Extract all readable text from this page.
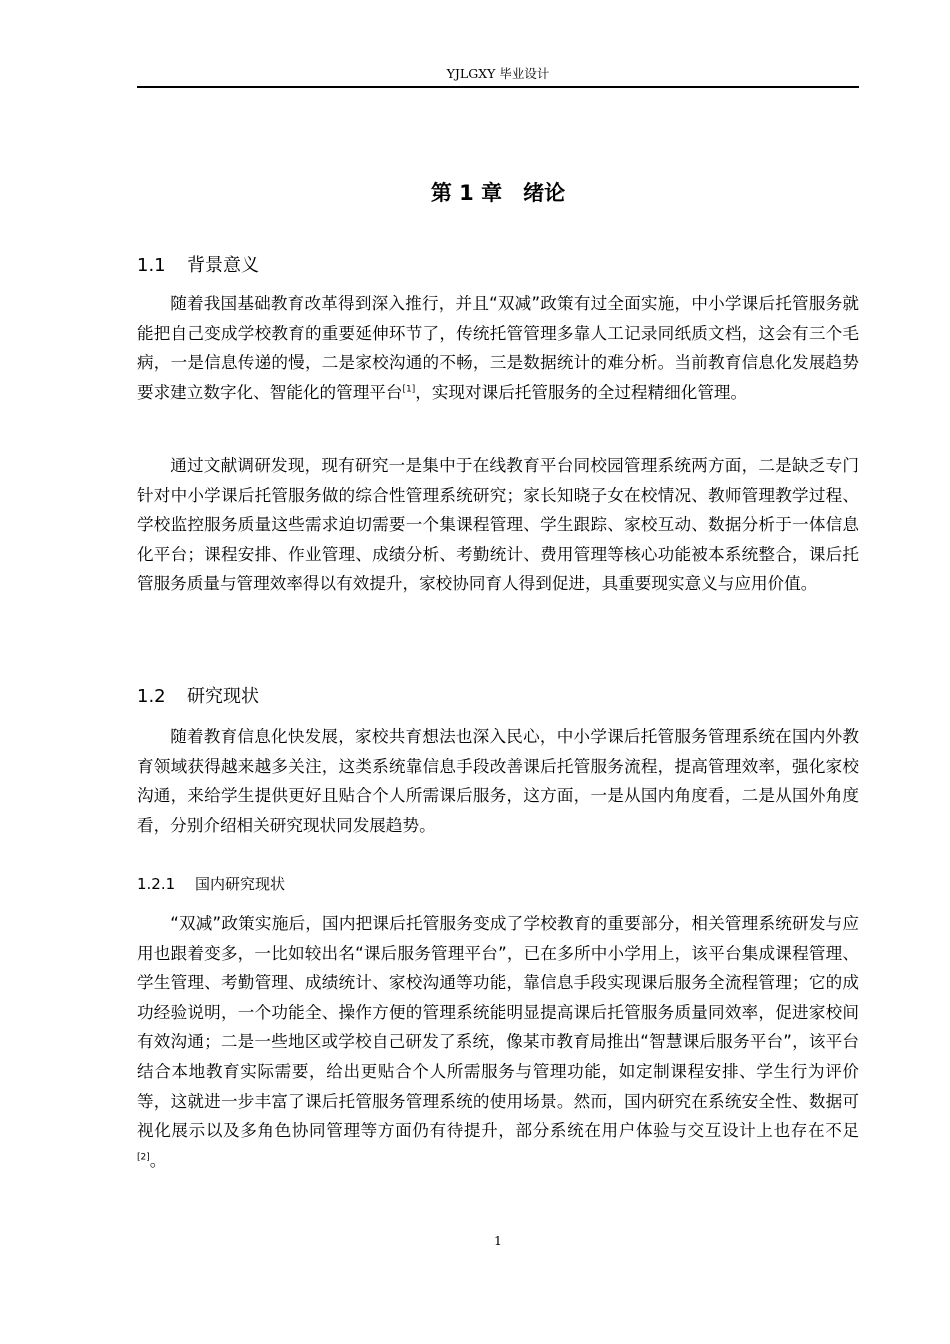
YJLGXY 毕业设计
第 1 章　绪论
1.1 背景意义

随着我国基础教育改革得到深入推行，并且“双减”政策有过全面实施，中小学课后托管服务就能把自己变成学校教育的重要延伸环节了，传统托管管理多靠人工记录同纸质文档，这会有三个毛病，一是信息传递的慢，二是家校沟通的不畅，三是数据统计的难分析。当前教育信息化发展趋势要求建立数字化、智能化的管理平台[1]，实现对课后托管服务的全过程精细化管理。

通过文献调研发现，现有研究一是集中于在线教育平台同校园管理系统两方面，二是缺乏专门针对中小学课后托管服务做的综合性管理系统研究；家长知晓子女在校情况、教师管理教学过程、学校监控服务质量这些需求迫切需要一个集课程管理、学生跟踪、家校互动、数据分析于一体信息化平台；课程安排、作业管理、成绩分析、考勤统计、费用管理等核心功能被本系统整合，课后托管服务质量与管理效率得以有效提升，家校协同育人得到促进，具重要现实意义与应用价值。

1.2 研究现状

随着教育信息化快发展，家校共育想法也深入民心，中小学课后托管服务管理系统在国内外教育领域获得越来越多关注，这类系统靠信息手段改善课后托管服务流程，提高管理效率，强化家校沟通，来给学生提供更好且贴合个人所需课后服务，这方面，一是从国内角度看，二是从国外角度看，分别介绍相关研究现状同发展趋势。

1.2.1 国内研究现状

“双减”政策实施后，国内把课后托管服务变成了学校教育的重要部分，相关管理系统研发与应用也跟着变多，一比如较出名“课后服务管理平台”，已在多所中小学用上，该平台集成课程管理、学生管理、考勤管理、成绩统计、家校沟通等功能，靠信息手段实现课后服务全流程管理；它的成功经验说明，一个功能全、操作方便的管理系统能明显提高课后托管服务质量同效率，促进家校间有效沟通；二是一些地区或学校自己研发了系统，像某市教育局推出“智慧课后服务平台”，该平台结合本地教育实际需要，给出更贴合个人所需服务与管理功能，如定制课程安排、学生行为评价等，这就进一步丰富了课后托管服务管理系统的使用场景。然而，国内研究在系统安全性、数据可视化展示以及多角色协同管理等方面仍有待提升，部分系统在用户体验与交互设计上也存在不足[2]。

1
